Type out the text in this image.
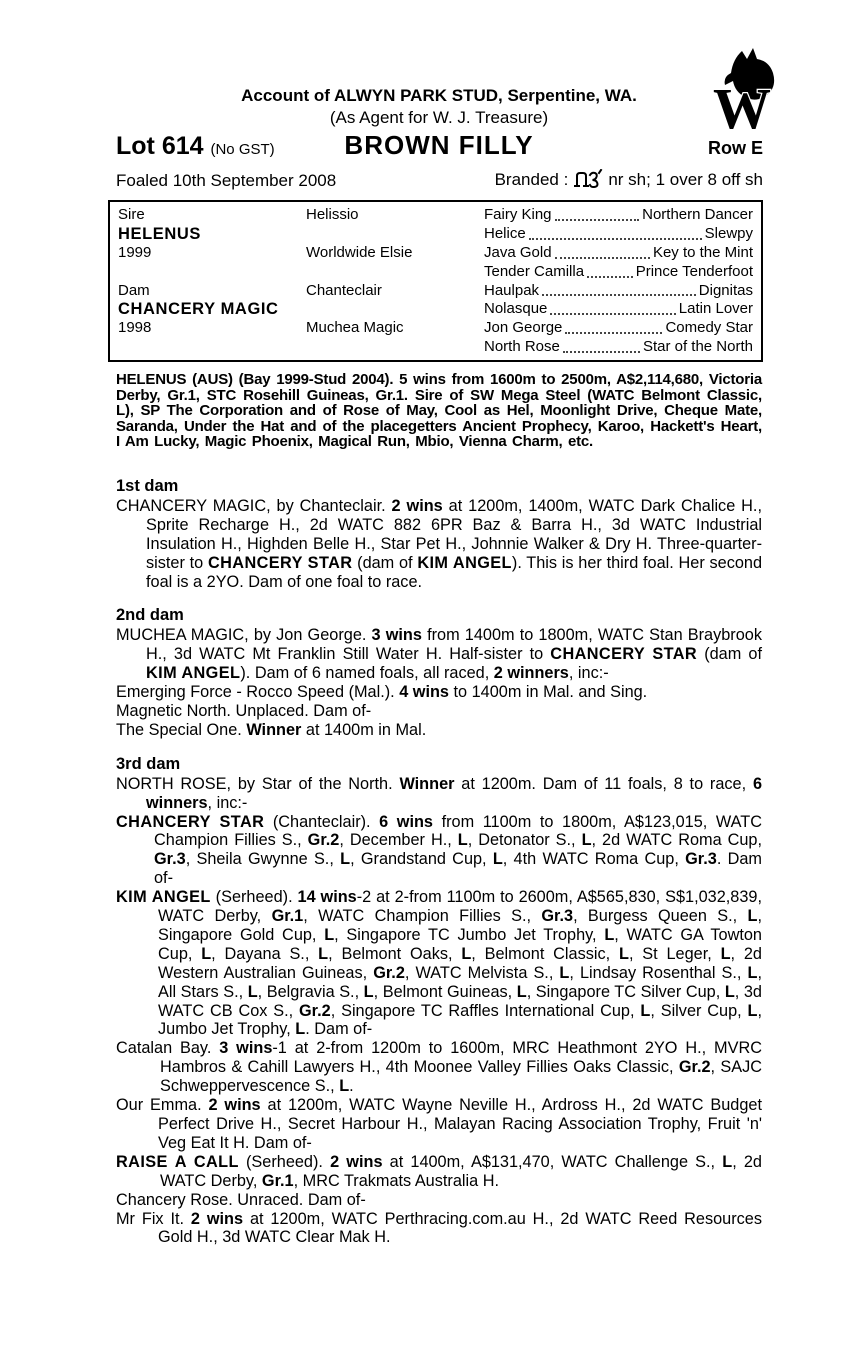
W
Account of ALWYN PARK STUD, Serpentine, WA.
(As Agent for W. J. Treasure)
Lot 614 (No GST)	BROWN FILLY	Row E
Foaled 10th September 2008	Branded : nr sh; 1 over 8 off sh
Sire
HELENUS
1999
Helissio	Fairy King	Northern Dancer
Helice	Slewpy
Worldwide Elsie	Java Gold	Key to the Mint
Tender Camilla	Prince Tenderfoot
Dam
CHANCERY MAGIC
1998
Chanteclair	Haulpak	Dignitas
Nolasque	Latin Lover
Muchea Magic	Jon George	Comedy Star
North Rose	Star of the North
HELENUS (AUS) (Bay 1999-Stud 2004). 5 wins from 1600m to 2500m, A$2,114,680, Victoria Derby, Gr.1, STC Rosehill Guineas, Gr.1. Sire of SW Mega Steel (WATC Belmont Classic, L), SP The Corporation and of Rose of May, Cool as Hel, Moonlight Drive, Cheque Mate, Saranda, Under the Hat and of the placegetters Ancient Prophecy, Karoo, Hackett's Heart, I Am Lucky, Magic Phoenix, Magical Run, Mbio, Vienna Charm, etc.
1st dam

CHANCERY MAGIC, by Chanteclair. 2 wins at 1200m, 1400m, WATC Dark Chalice H., Sprite Recharge H., 2d WATC 882 6PR Baz & Barra H., 3d WATC Industrial Insulation H., Highden Belle H., Star Pet H., Johnnie Walker & Dry H. Three-quarter-sister to CHANCERY STAR (dam of KIM ANGEL). This is her third foal. Her second foal is a 2YO. Dam of one foal to race.

2nd dam

MUCHEA MAGIC, by Jon George. 3 wins from 1400m to 1800m, WATC Stan Braybrook H., 3d WATC Mt Franklin Still Water H. Half-sister to CHANCERY STAR (dam of KIM ANGEL). Dam of 6 named foals, all raced, 2 winners, inc:-

Emerging Force - Rocco Speed (Mal.). 4 wins to 1400m in Mal. and Sing.

Magnetic North. Unplaced. Dam of-

The Special One. Winner at 1400m in Mal.

3rd dam

NORTH ROSE, by Star of the North. Winner at 1200m. Dam of 11 foals, 8 to race, 6 winners, inc:-

CHANCERY STAR (Chanteclair). 6 wins from 1100m to 1800m, A$123,015, WATC Champion Fillies S., Gr.2, December H., L, Detonator S., L, 2d WATC Roma Cup, Gr.3, Sheila Gwynne S., L, Grandstand Cup, L, 4th WATC Roma Cup, Gr.3. Dam of-

KIM ANGEL (Serheed). 14 wins-2 at 2-from 1100m to 2600m, A$565,830, S$1,032,839, WATC Derby, Gr.1, WATC Champion Fillies S., Gr.3, Burgess Queen S., L, Singapore Gold Cup, L, Singapore TC Jumbo Jet Trophy, L, WATC GA Towton Cup, L, Dayana S., L, Belmont Oaks, L, Belmont Classic, L, St Leger, L, 2d Western Australian Guineas, Gr.2, WATC Melvista S., L, Lindsay Rosenthal S., L, All Stars S., L, Belgravia S., L, Belmont Guineas, L, Singapore TC Silver Cup, L, 3d WATC CB Cox S., Gr.2, Singapore TC Raffles International Cup, L, Silver Cup, L, Jumbo Jet Trophy, L. Dam of-

Catalan Bay. 3 wins-1 at 2-from 1200m to 1600m, MRC Heathmont 2YO H., MVRC Hambros & Cahill Lawyers H., 4th Moonee Valley Fillies Oaks Classic, Gr.2, SAJC Schweppervescence S., L.

Our Emma. 2 wins at 1200m, WATC Wayne Neville H., Ardross H., 2d WATC Budget Perfect Drive H., Secret Harbour H., Malayan Racing Association Trophy, Fruit 'n' Veg Eat It H. Dam of-

RAISE A CALL (Serheed). 2 wins at 1400m, A$131,470, WATC Challenge S., L, 2d WATC Derby, Gr.1, MRC Trakmats Australia H.

Chancery Rose. Unraced. Dam of-

Mr Fix It. 2 wins at 1200m, WATC Perthracing.com.au H., 2d WATC Reed Resources Gold H., 3d WATC Clear Mak H.
